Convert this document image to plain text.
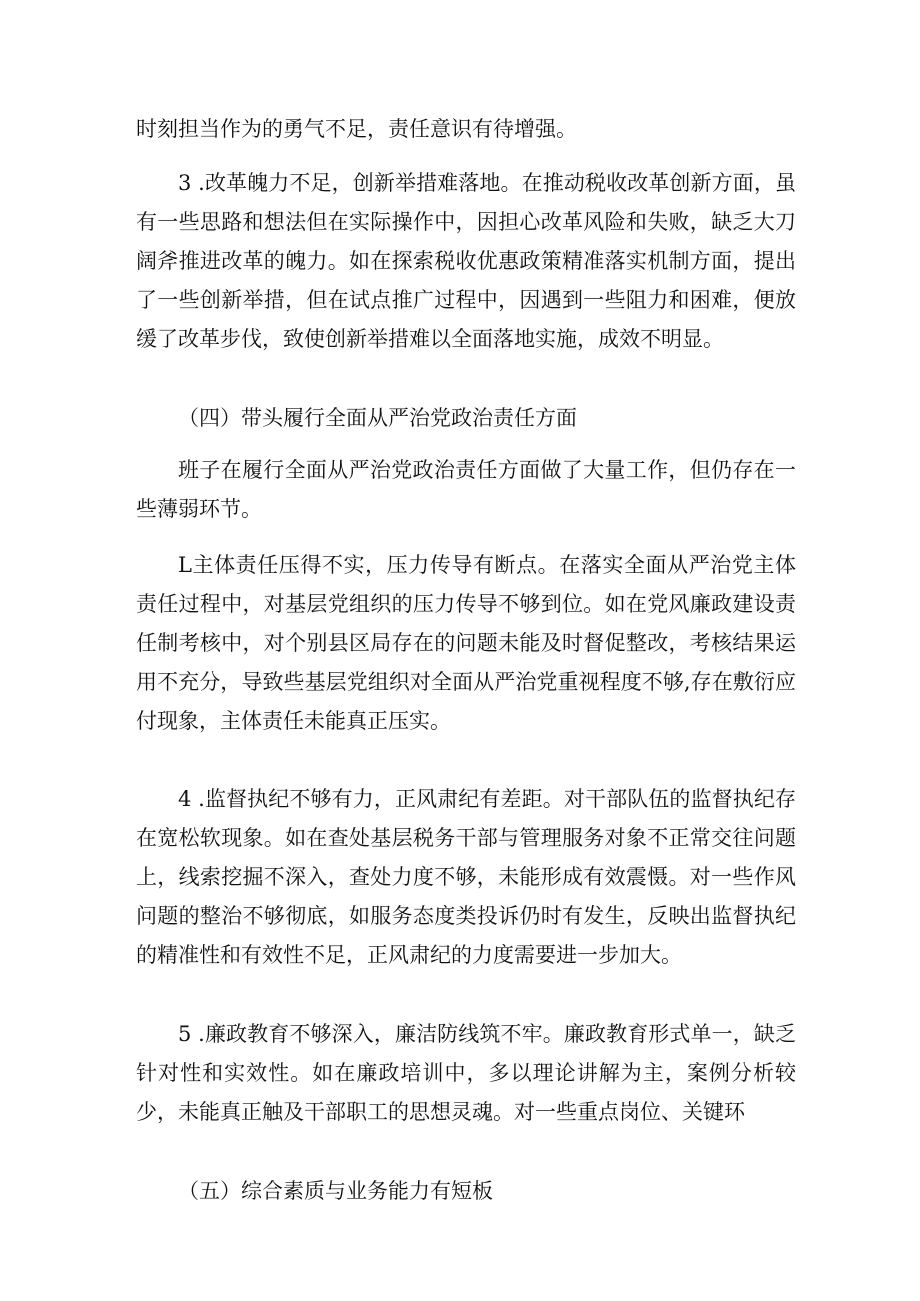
时刻担当作为的勇气不足，责任意识有待增强。

3 .改革魄力不足，创新举措难落地。在推动税收改革创新方面，虽有一些思路和想法但在实际操作中，因担心改革风险和失败，缺乏大刀阔斧推进改革的魄力。如在探索税收优惠政策精准落实机制方面，提出了一些创新举措，但在试点推广过程中，因遇到一些阻力和困难，便放缓了改革步伐，致使创新举措难以全面落地实施，成效不明显。

（四）带头履行全面从严治党政治责任方面

班子在履行全面从严治党政治责任方面做了大量工作，但仍存在一些薄弱环节。

L主体责任压得不实，压力传导有断点。在落实全面从严治党主体责任过程中，对基层党组织的压力传导不够到位。如在党风廉政建设责任制考核中，对个别县区局存在的问题未能及时督促整改，考核结果运用不充分，导致些基层党组织对全面从严治党重视程度不够,存在敷衍应付现象，主体责任未能真正压实。

4 .监督执纪不够有力，正风肃纪有差距。对干部队伍的监督执纪存在宽松软现象。如在查处基层税务干部与管理服务对象不正常交往问题上，线索挖掘不深入，查处力度不够，未能形成有效震慑。对一些作风问题的整治不够彻底，如服务态度类投诉仍时有发生，反映出监督执纪的精准性和有效性不足，正风肃纪的力度需要进一步加大。

5 .廉政教育不够深入，廉洁防线筑不牢。廉政教育形式单一，缺乏针对性和实效性。如在廉政培训中，多以理论讲解为主，案例分析较少，未能真正触及干部职工的思想灵魂。对一些重点岗位、关键环

（五）综合素质与业务能力有短板
